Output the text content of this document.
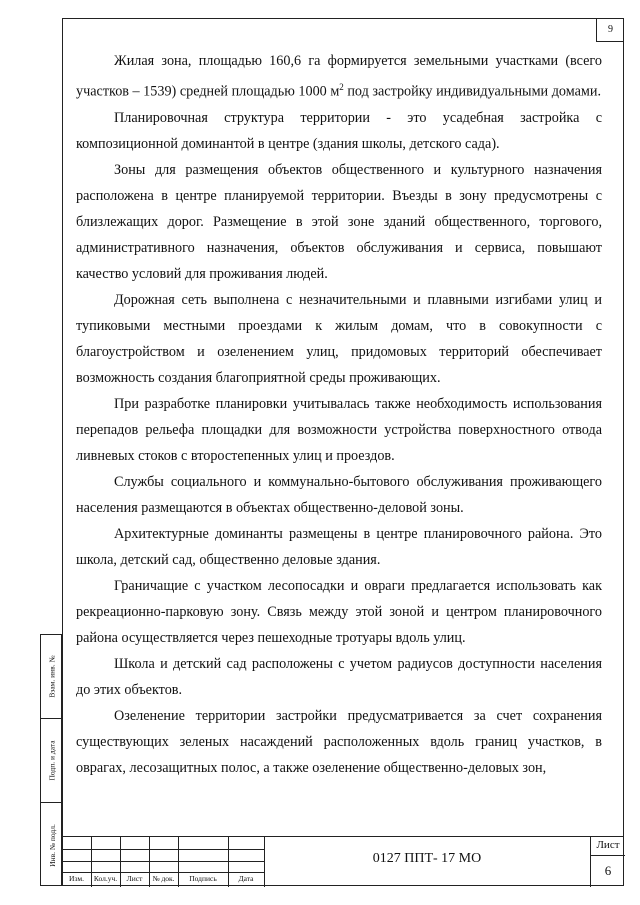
9

Жилая зона, площадью 160,6 га формируется земельными участками (всего участков – 1539) средней площадью 1000 $м^2$ под застройку индивидуальными домами.

Планировочная структура территории - это усадебная застройка с композиционной доминантой в центре (здания школы, детского сада).

Зоны для размещения объектов общественного и культурного назначения расположена в центре планируемой территории. Въезды в зону предусмотрены с близлежащих дорог. Размещение в этой зоне зданий общественного, торгового, административного назначения, объектов обслуживания и сервиса, повышают качество условий для проживания людей.

Дорожная сеть выполнена с незначительными и плавными изгибами улиц и тупиковыми местными проездами к жилым домам, что в совокупности с благоустройством и озеленением улиц, придомовых территорий обеспечивает возможность создания благоприятной среды проживающих.

При разработке планировки учитывалась также необходимость использования перепадов рельефа площадки для возможности устройства поверхностного отвода ливневых стоков с второстепенных улиц и проездов.

Службы социального и коммунально-бытового обслуживания проживающего населения размещаются в объектах общественно-деловой зоны.

Архитектурные доминанты размещены в центре планировочного района. Это школа, детский сад, общественно деловые здания.

Граничащие с участком лесопосадки и овраги предлагается использовать как рекреационно-парковую зону. Связь между этой зоной и центром планировочного района осуществляется через пешеходные тротуары вдоль улиц.

Школа и детский сад расположены с учетом радиусов доступности населения до этих объектов.

Озеленение территории застройки предусматривается за счет сохранения существующих зеленых насаждений расположенных вдоль границ участков, в оврагах, лесозащитных полос, а также озеленение общественно-деловых зон,

Взам. инв. №
Подп. и дата
Инв. № подл.
Изм.	Кол.уч.	Лист	№ док.	Подпись	Дата
0127 ППТ- 17 МО
Лист
6
